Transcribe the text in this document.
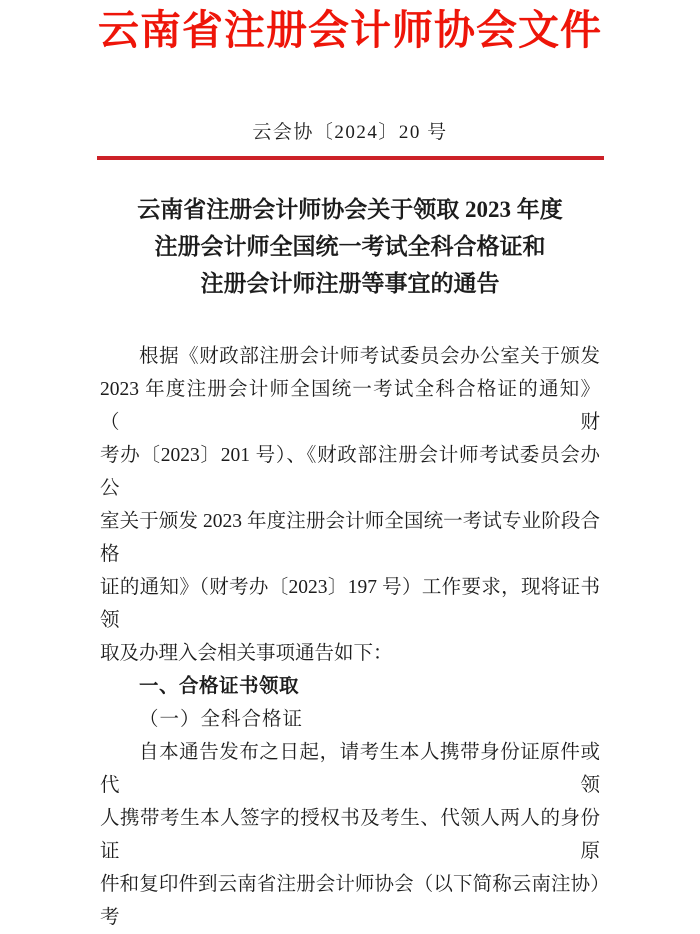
云南省注册会计师协会文件
云会协〔2024〕20 号
云南省注册会计师协会关于领取 2023 年度
注册会计师全国统一考试全科合格证和
注册会计师注册等事宜的通告

根据《财政部注册会计师考试委员会办公室关于颁发

2023 年度注册会计师全国统一考试全科合格证的通知》（财

考办〔2023〕201 号）、《财政部注册会计师考试委员会办公

室关于颁发 2023 年度注册会计师全国统一考试专业阶段合格

证的通知》（财考办〔2023〕197 号）工作要求，现将证书领

取及办理入会相关事项通告如下：

一、合格证书领取

（一）全科合格证

自本通告发布之日起，请考生本人携带身份证原件或代领

人携带考生本人签字的授权书及考生、代领人两人的身份证原

件和复印件到云南省注册会计师协会（以下简称云南注协）考
